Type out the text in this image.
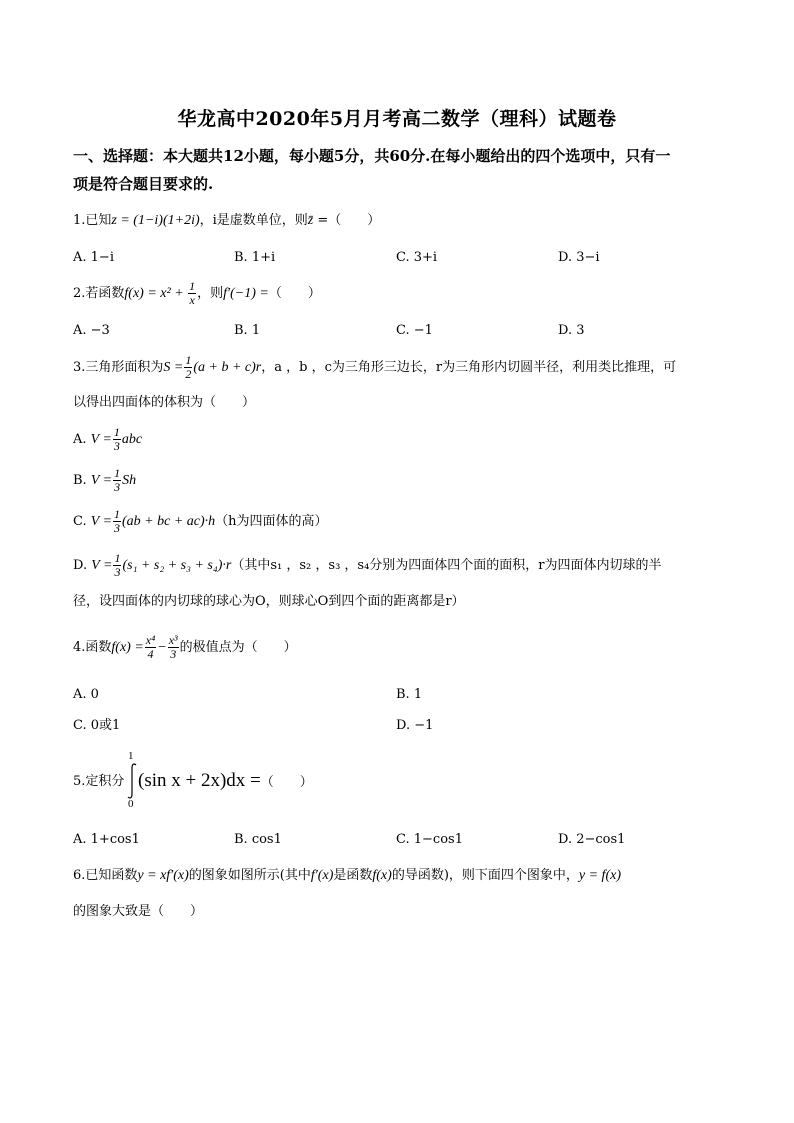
华龙高中2020年5月月考高二数学（理科）试题卷
一、选择题：本大题共12小题，每小题5分，共60分.在每小题给出的四个选项中，只有一
项是符合题目要求的.
1.已知z = (1−i)(1+2i)，i是虚数单位，则z̄ =（　　）
A. 1−i	B. 1+i	C. 3+i	D. 3−i
2.若函数$f(x) = x^2 + \frac{1}{x}$ ，则f′(−1) =（　　）
A. −3	B. 1	C. −1	D. 3
3.三角形面积为$S = \frac{1}{2} (a + b + c)r$，a ，b ，c为三角形三边长，r为三角形内切圆半径，利用类比推理，可
以得出四面体的体积为（　　）
A. $V = \frac{1}{3}$ abc
B. $V = \frac{1}{3}$ Sh
C. $V = \frac{1}{3} (ab$ + bc + ac)·h（h为四面体的高）
D. $V = \frac{1}{3} (s_1 + s_2 + s_3 + s_4)\cdot r$（其中s₁ ，s₂ ，s₃ ，s₄分别为四面体四个面的面积，r为四面体内切球的半
径，设四面体的内切球的球心为O，则球心O到四个面的距离都是r）
4.函数$f(x) = \frac{\text{x⁴}}{4} - \frac{\text{x³}}{3}$ 的极值点为（　　）
A. 0	B. 1
C. 0或1	D. −1
5.定积分
1
0
(sin x + 2x)dx =（　　）
A. 1+cos1	B. cos1	C. 1−cos1	D. 2−cos1
6.已知函数y = xf′(x)的图象如图所示(其中f′(x)是函数f(x)的导函数)，则下面四个图象中，y = f(x)
的图象大致是（　　）
